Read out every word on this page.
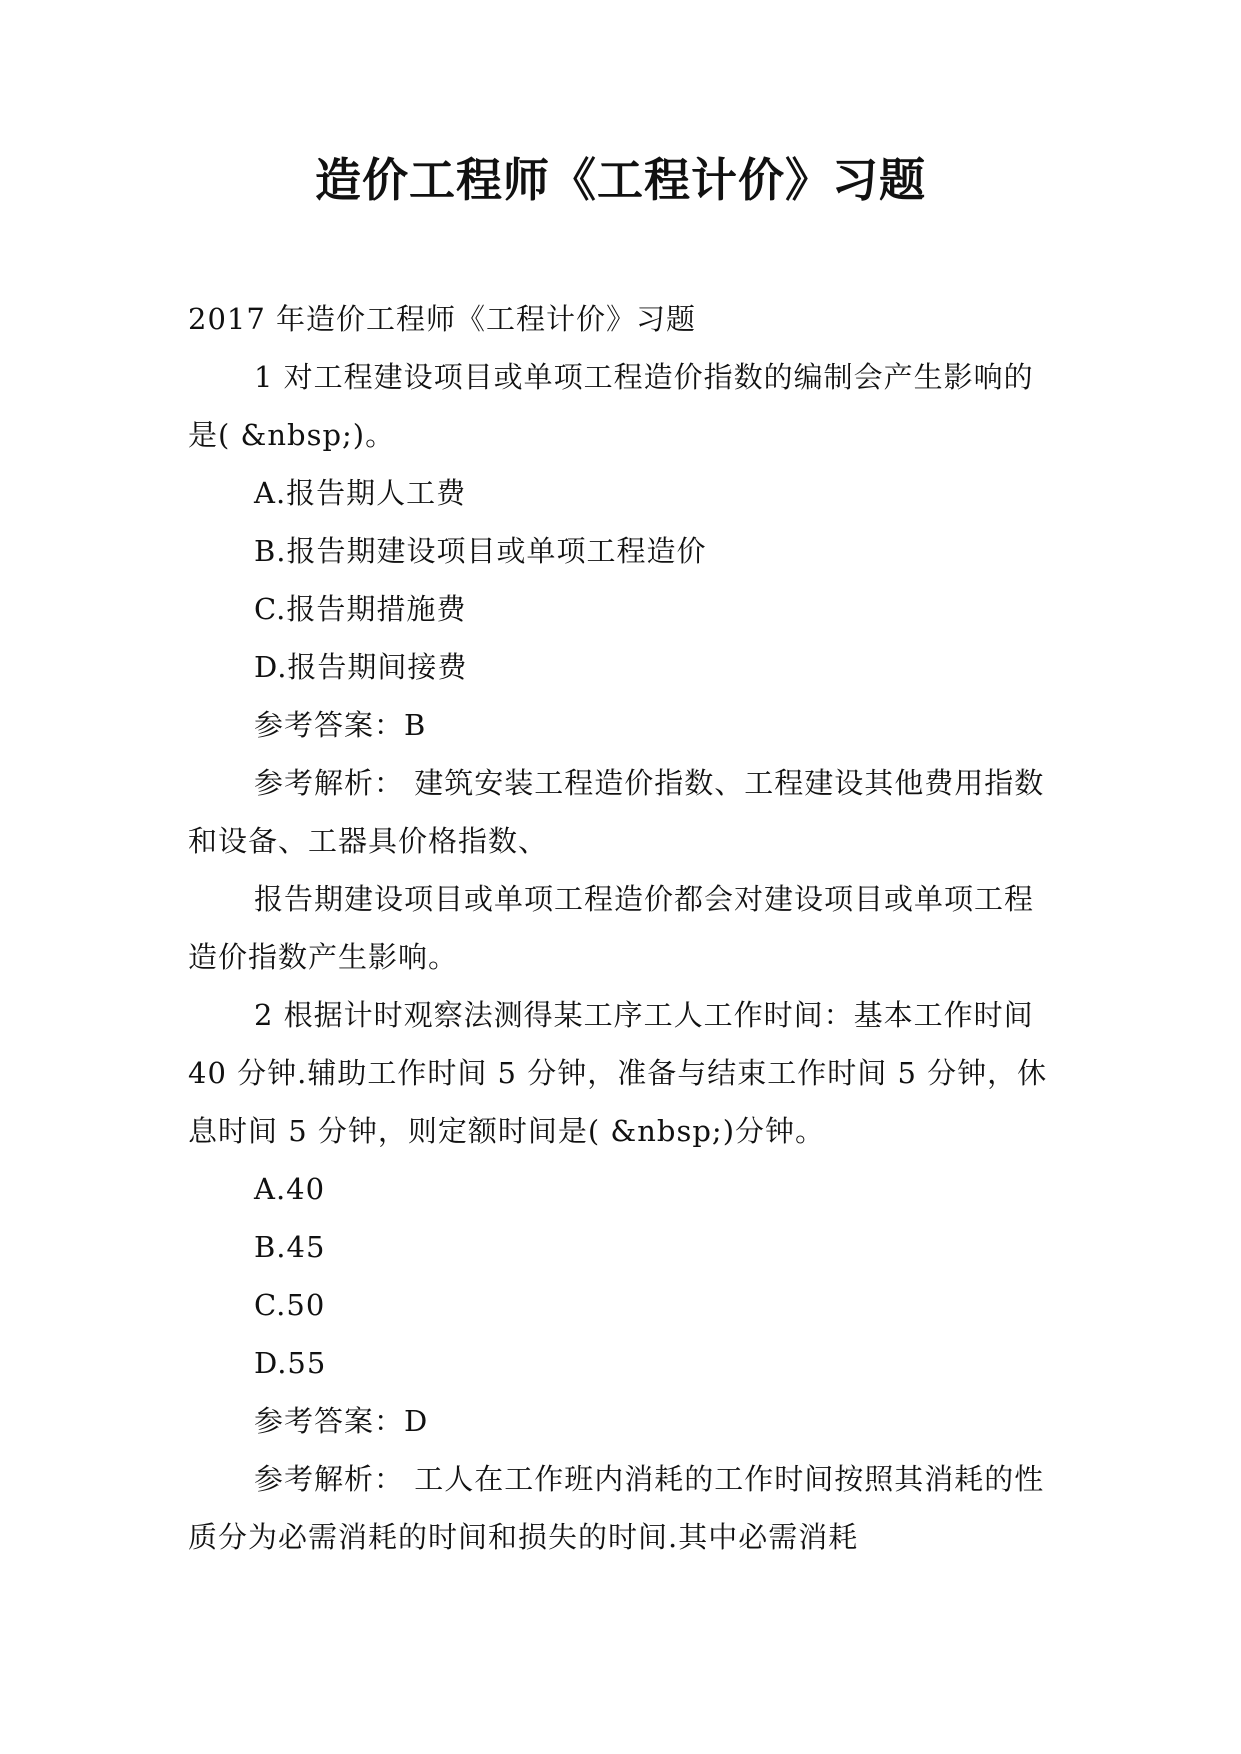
造价工程师《工程计价》习题

2017 年造价工程师《工程计价》习题

1 对工程建设项目或单项工程造价指数的编制会产生影响的是( &nbsp;)。

A.报告期人工费

B.报告期建设项目或单项工程造价

C.报告期措施费

D.报告期间接费

参考答案：B

参考解析： 建筑安装工程造价指数、工程建设其他费用指数和设备、工器具价格指数、

报告期建设项目或单项工程造价都会对建设项目或单项工程造价指数产生影响。

2 根据计时观察法测得某工序工人工作时间：基本工作时间 40 分钟.辅助工作时间 5 分钟，准备与结束工作时间 5 分钟，休息时间 5 分钟，则定额时间是( &nbsp;)分钟。

A.40

B.45

C.50

D.55

参考答案：D

参考解析： 工人在工作班内消耗的工作时间按照其消耗的性质分为必需消耗的时间和损失的时间.其中必需消耗
